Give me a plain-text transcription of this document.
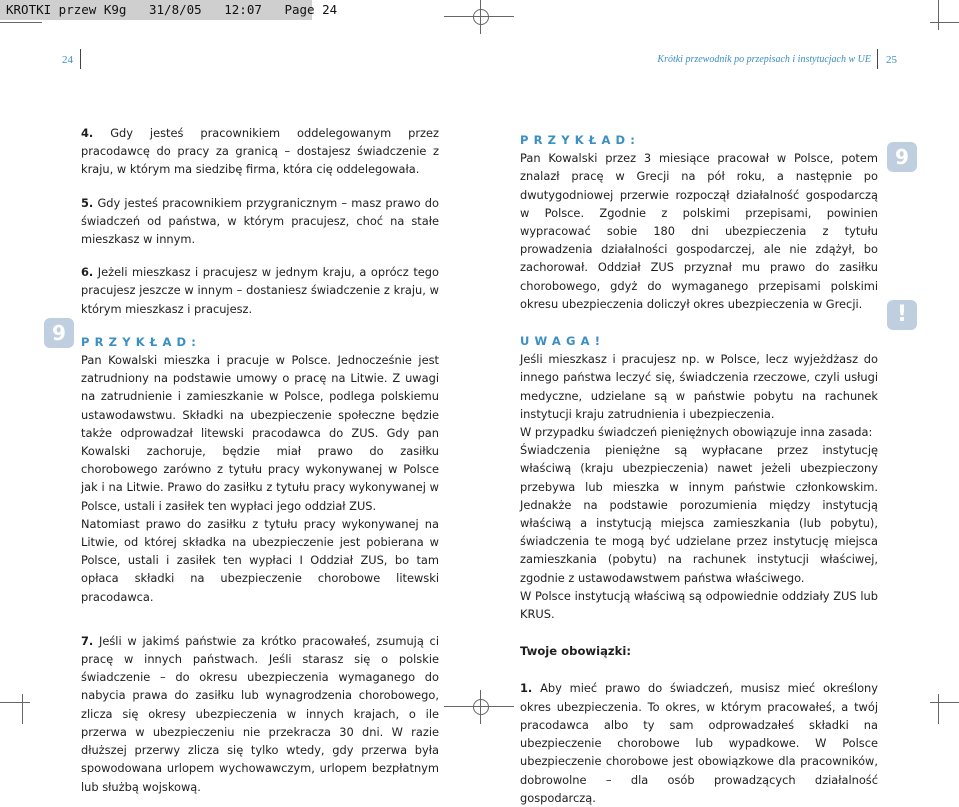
KROTKI przew K9g   31/8/05   12:07   Page 24
24	Krótki przewodnik po przepisach i instytucjach w UE 25
9
9
!

4. Gdy jesteś pracownikiem oddelegowanym przez pracodawcę do pracy za granicą – dostajesz świadczenie z kraju, w którym ma siedzibę firma, która cię oddelegowała.

5. Gdy jesteś pracownikiem przygranicznym – masz prawo do świadczeń od państwa, w którym pracujesz, choć na stałe mieszkasz w innym.

6. Jeżeli mieszkasz i pracujesz w jednym kraju, a oprócz tego pracujesz jeszcze w innym – dostaniesz świadczenie z kraju, w którym mieszkasz i pracujesz.

PRZYKŁAD:

Pan Kowalski mieszka i pracuje w Polsce. Jednocześnie jest zatrudniony na podstawie umowy o pracę na Litwie. Z uwagi na zatrudnienie i zamieszkanie w Polsce, podlega polskiemu ustawodawstwu. Składki na ubezpieczenie społeczne będzie także odprowadzał litewski pracodawca do ZUS. Gdy pan Kowalski zachoruje, będzie miał prawo do zasiłku chorobowego zarówno z tytułu pracy wykonywanej w Polsce jak i na Litwie. Prawo do zasiłku z tytułu pracy wykonywanej w Polsce, ustali i zasiłek ten wypłaci jego oddział ZUS.

Natomiast prawo do zasiłku z tytułu pracy wykonywanej na Litwie, od której składka na ubezpieczenie jest pobierana w Polsce, ustali i zasiłek ten wypłaci I Oddział ZUS, bo tam opłaca składki na ubezpieczenie chorobowe litewski pracodawca.

7. Jeśli w jakimś państwie za krótko pracowałeś, zsumują ci pracę w innych państwach. Jeśli starasz się o polskie świadczenie – do okresu ubezpieczenia wymaganego do nabycia prawa do zasiłku lub wynagrodzenia chorobowego, zlicza się okresy ubezpieczenia w innych krajach, o ile przerwa w ubezpieczeniu nie przekracza 30 dni. W razie dłuższej przerwy zlicza się tylko wtedy, gdy przerwa była spowodowana urlopem wychowawczym, urlopem bezpłatnym lub służbą wojskową.

PRZYKŁAD:

Pan Kowalski przez 3 miesiące pracował w Polsce, potem znalazł pracę w Grecji na pół roku, a następnie po dwutygodniowej przerwie rozpoczął działalność gospodarczą w Polsce. Zgodnie z polskimi przepisami, powinien wypracować sobie 180 dni ubezpieczenia z tytułu prowadzenia działalności gospodarczej, ale nie zdążył, bo zachorował. Oddział ZUS przyznał mu prawo do zasiłku chorobowego, gdyż do wymaganego przepisami polskimi okresu ubezpieczenia doliczył okres ubezpieczenia w Grecji.

UWAGA!

Jeśli mieszkasz i pracujesz np. w Polsce, lecz wyjeżdżasz do innego państwa leczyć się, świadczenia rzeczowe, czyli usługi medyczne, udzielane są w państwie pobytu na rachunek instytucji kraju zatrudnienia i ubezpieczenia.

W przypadku świadczeń pieniężnych obowiązuje inna zasada:

Świadczenia pieniężne są wypłacane przez instytucję właściwą (kraju ubezpieczenia) nawet jeżeli ubezpieczony przebywa lub mieszka w innym państwie członkowskim. Jednakże na podstawie porozumienia między instytucją właściwą a instytucją miejsca zamieszkania (lub pobytu), świadczenia te mogą być udzielane przez instytucję miejsca zamieszkania (pobytu) na rachunek instytucji właściwej, zgodnie z ustawodawstwem państwa właściwego.

W Polsce instytucją właściwą są odpowiednie oddziały ZUS lub KRUS.

Twoje obowiązki:

1. Aby mieć prawo do świadczeń, musisz mieć określony okres ubezpieczenia. To okres, w którym pracowałeś, a twój pracodawca albo ty sam odprowadzałeś składki na ubezpieczenie chorobowe lub wypadkowe. W Polsce ubezpieczenie chorobowe jest obowiązkowe dla pracowników, dobrowolne – dla osób prowadzących działalność gospodarczą.
